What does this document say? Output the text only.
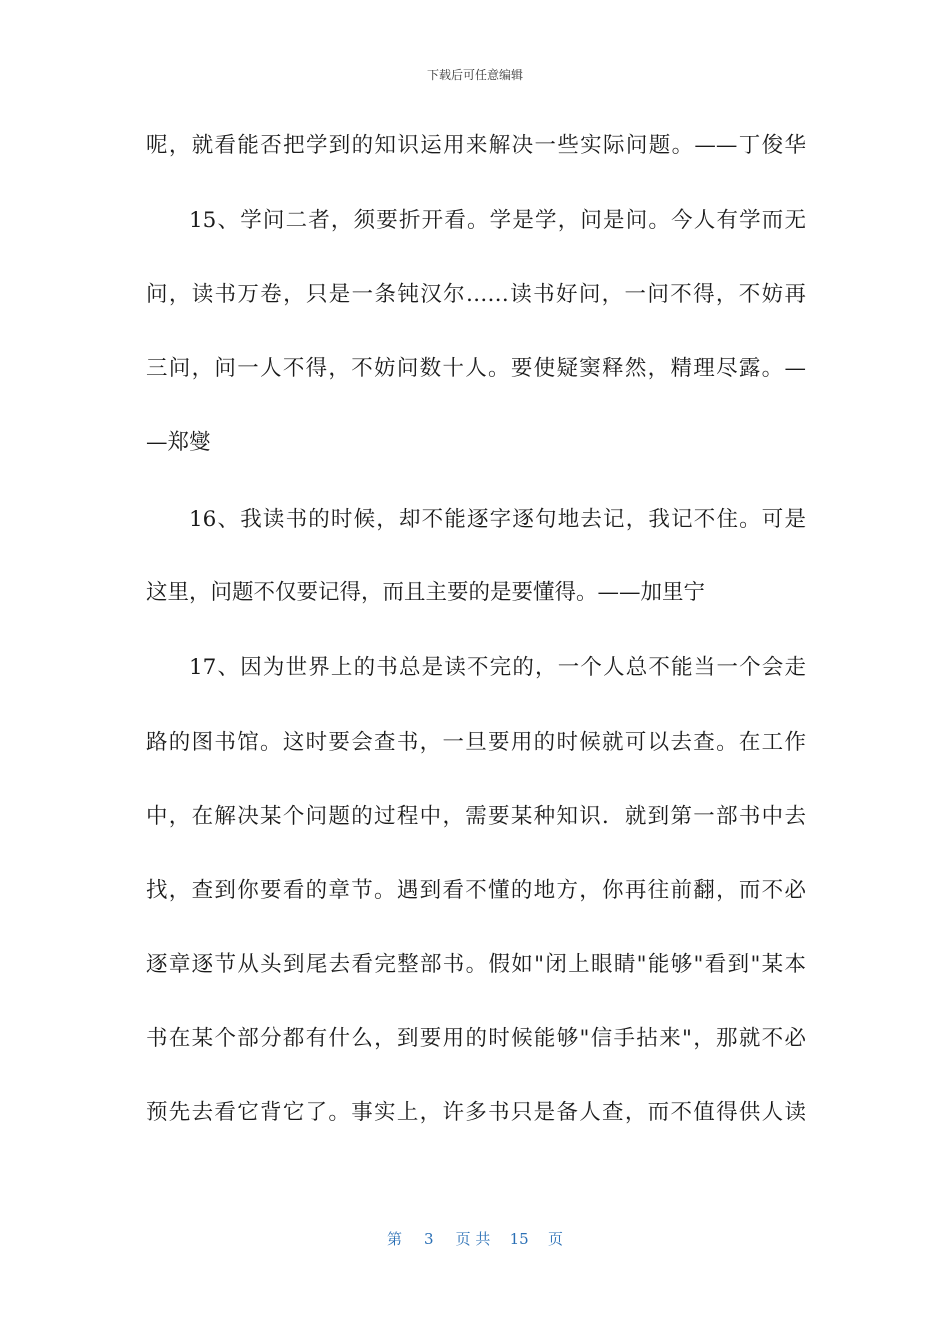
下载后可任意编辑
呢，就看能否把学到的知识运用来解决一些实际问题。——丁俊华
15、学问二者，须要折开看。学是学，问是问。今人有学而无
问，读书万卷，只是一条钝汉尔……读书好问，一问不得，不妨再
三问，问一人不得，不妨问数十人。要使疑窦释然，精理尽露。—
—郑燮
16、我读书的时候，却不能逐字逐句地去记，我记不住。可是
这里，问题不仅要记得，而且主要的是要懂得。——加里宁
17、因为世界上的书总是读不完的，一个人总不能当一个会走
路的图书馆。这时要会查书，一旦要用的时候就可以去查。在工作
中，在解决某个问题的过程中，需要某种知识．就到第一部书中去
找，查到你要看的章节。遇到看不懂的地方，你再往前翻，而不必
逐章逐节从头到尾去看完整部书。假如"闭上眼睛"能够"看到"某本
书在某个部分都有什么，到要用的时候能够"信手拈来"，那就不必
预先去看它背它了。事实上，许多书只是备人查，而不值得供人读
第 3 页 共 15 页
